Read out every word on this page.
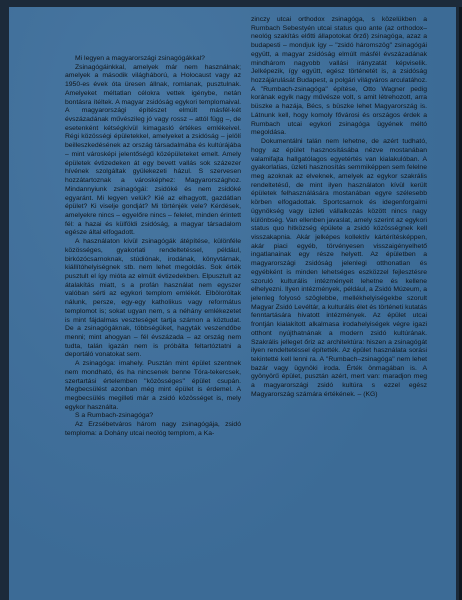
Mi legyen a magyarországi zsinagógákkal?

Zsinagógáinkkal, amelyek már nem használnak; amelyek a második világháború, a Holocaust vagy az 1950-es évek óta üresen állnak, romlanak, pusztulnak. Amelyeket méltatlan célokra vettek igénybe, netán bontásra ítéltek. A magyar zsidóság egykori templomaival. A magyarországi építészet elmúlt másfél-két évszázadának művészileg jó vagy rossz – attól függ –, de esetenként kétségkívül kimagasló értékes emlékeivel. Régi közösségi épületekkel, amelyeket a zsidóság – jelölí beilleszkedésének az ország társadalmába és kultúrájába – mint városképi jelentőségű középületeket emelt. Amely épületek évtizedeken át egy bevett vallás sok százezer hívének szolgáltak gyülekezeti házul. S szervesen hozzátartoznak a városképhez: Magyarországhoz. Mindannyiunk zsinagógái: zsidóké és nem zsidóké egyaránt. Mi legyen velük? Kié az elhagyott, gazdátlan épület? Ki viselje gondját? Mi történjék vele? Kérdések, amelyekre nincs – egyelőre nincs – felelet, minden érintett fél: a hazai és külföldi zsidóság, a magyar társadalom egésze által elfogadott.

A használaton kívül zsinagógák átépítése, különféle közösséges, gyakorlati rendeltetéssel, például, birkózócsarnoknak, stúdiónak, irodának, könyvtárnak, kiállítóhelyiségnek stb. nem lehet megoldás. Sok érték pusztult el így mióta az elmúlt évtizedekben. Elpusztult az átalakítás miatt, s a profán használat nem egyszer valóban sérti az egykori templom emlékét. Elböloróltak nálunk, persze, egy-egy katholikus vagy református templomot is; sokat ugyan nem, s a néhány emlékezetet is mint fájdalmas veszteséget tartja számon a köztudat. De a zsinagógáknak, többségüket, hagyták veszendőbe menni; mint ahogyan – fél évszázada – az ország nem tudta, talán igazán nem is próbálta feltartóztatni a deportáló vonatokat sem.

A zsinagóga: imahely. Pusztán mint épület szentnek nem mondható, és ha nincsenek benne Tóra-tekercsek, szertartási értelemben "közösséges" épület csupán. Megbecsülést azonban még mint épület is érdemel. A megbecsülés megilleti már a zsidó közösséget is, mely egykor használta.

S a Rumbach-zsinagóga?

Az Erzsébetváros három nagy zsinagógája, zsidó temploma: a Dohány utcai neológ templom, a Ka-

zinczy utcai orthodox zsinagóga, s közelükben a Rumbach Sebestyén utcai status quo ante (az orthodox–neológ szakítás előtti állapotokat őrző) zsinagóga, azaz a budapesti – mondjuk így – "zsidó háromszög" zsinagógái együtt, a magyar zsidóság elmúlt másfél évszázadának mindhárom nagyobb vallási irányzatát képviselik. Jelképezik, így együtt, egész történetét is, a zsidóság hozzájárulását Budapest, a polgári világváros arculatához. A "Rumbach-zsinagóga" építése, Otto Wagner pedig korának egyik nagy művésze volt, s amit létrehozott, arra büszke a hazája, Bécs, s büszke lehet Magyarország is. Látnunk kell, hogy komoly fővárosi és országos érdek a Rumbach utcai egykori zsinagóga ügyének méltó megoldása.

Dokumentálni talán nem lehetne, de azért tudható, hogy az épület hasznosításába nézve mostanában valamifajta hallgatólagos egyetértés van kialakulóban. A gyakorlatias, üzleti hasznosítás semmiképpen sem felelne meg azoknak az elveknek, amelyek az egykor szakrális rendeltetésű, de mint ilyen használaton kívül került épületek felhasználására mostanában egyre szélesebb körben elfogadottak. Sportcsarnok és idegenforgalmi ügynökség vagy üzleti vállalkozás között nincs nagy különbség. Van ellenben javaslat, amely szerint az egykori status quo hitközség épülete a zsidó közösségnek kell visszakapnia. Akár jelképes kollektív kártérítésképpen, akár piaci egyéb, törvényesen visszaigényelhető ingatlanainak egy része helyett. Az épületben a magyarországi zsidóság jelenlegi otthonatlan és egyébként is minden lehetséges eszközzel fejlesztésre szoruló kulturális intézményeit lehetne és kellene elhelyezni. Ilyen intézmények, például, a Zsidó Múzeum, a jelenleg folyosó szöglebbe, mellékhelyiségekbe szorult Magyar Zsidó Levéltár, a kulturális élet és történeti kutatás fenntartására hivatott intézmények. Az épület utcai frontján kialakított alkalmasa irodahelyiségek végre igazi otthont nyújthatnának a modern zsidó kultúrának. Szakrális jelleget őriz az architektúra: hiszen a zsinagógát ilyen rendeltetéssel építették. Az épület használata sorási tekintetté kell lenni ra. A "Rumbach–zsinagóga" nem lehet bazár vagy ügynöki iroda. Érték önmagában is. A gyönyörű épület, pusztán azért, mert van: maradjon meg a magyarországi zsidó kultúra s ezzel egész Magyarország számára értékének. – (KG)
